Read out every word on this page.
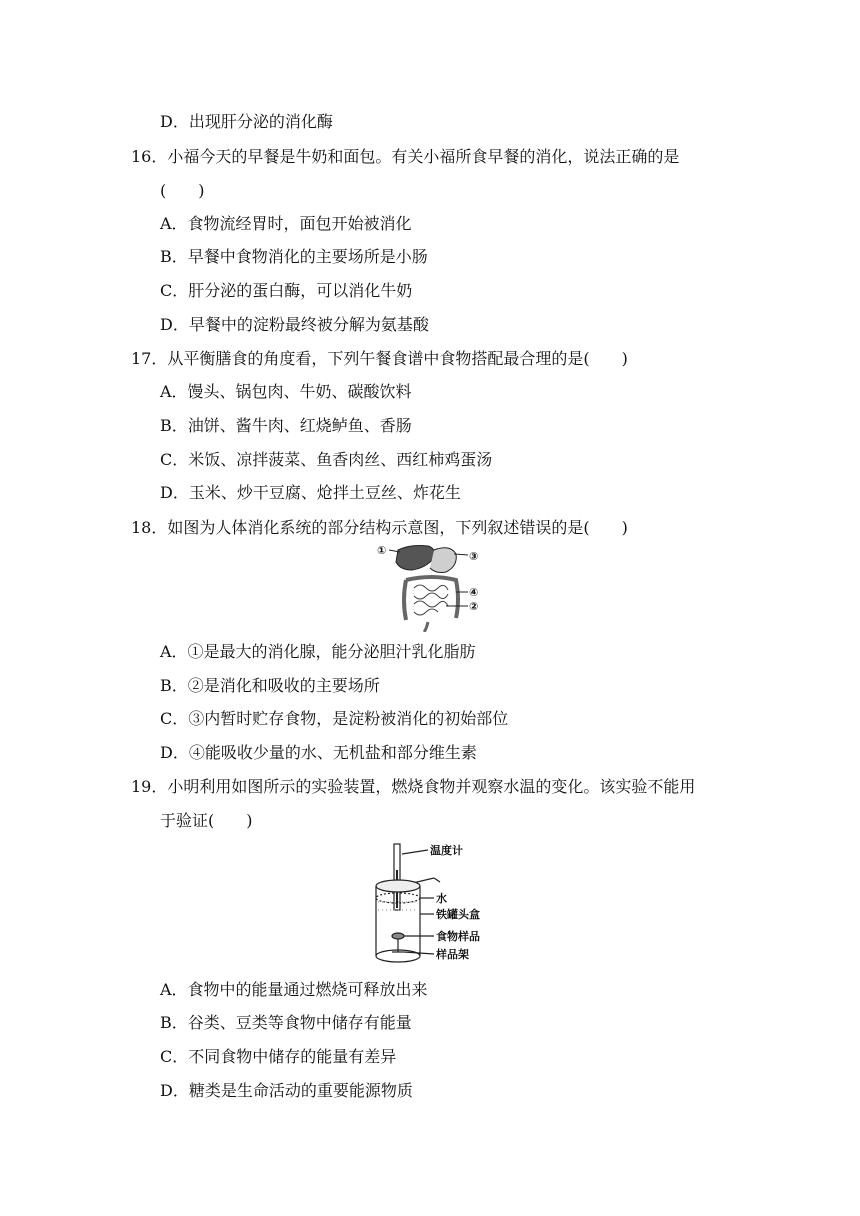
D．出现肝分泌的消化酶
16．小福今天的早餐是牛奶和面包。有关小福所食早餐的消化，说法正确的是
(　　)
A．食物流经胃时，面包开始被消化
B．早餐中食物消化的主要场所是小肠
C．肝分泌的蛋白酶，可以消化牛奶
D．早餐中的淀粉最终被分解为氨基酸
17．从平衡膳食的角度看，下列午餐食谱中食物搭配最合理的是(　　)
A．馒头、锅包肉、牛奶、碳酸饮料
B．油饼、酱牛肉、红烧鲈鱼、香肠
C．米饭、凉拌菠菜、鱼香肉丝、西红柿鸡蛋汤
D．玉米、炒干豆腐、炝拌土豆丝、炸花生
18．如图为人体消化系统的部分结构示意图，下列叙述错误的是(　　)
①	③
④
②
A．①是最大的消化腺，能分泌胆汁乳化脂肪
B．②是消化和吸收的主要场所
C．③内暂时贮存食物，是淀粉被消化的初始部位
D．④能吸收少量的水、无机盐和部分维生素
19．小明利用如图所示的实验装置，燃烧食物并观察水温的变化。该实验不能用
于验证(　　)
温度计
水
铁罐头盒
食物样品
样品架
A．食物中的能量通过燃烧可释放出来
B．谷类、豆类等食物中储存有能量
C．不同食物中储存的能量有差异
D．糖类是生命活动的重要能源物质
